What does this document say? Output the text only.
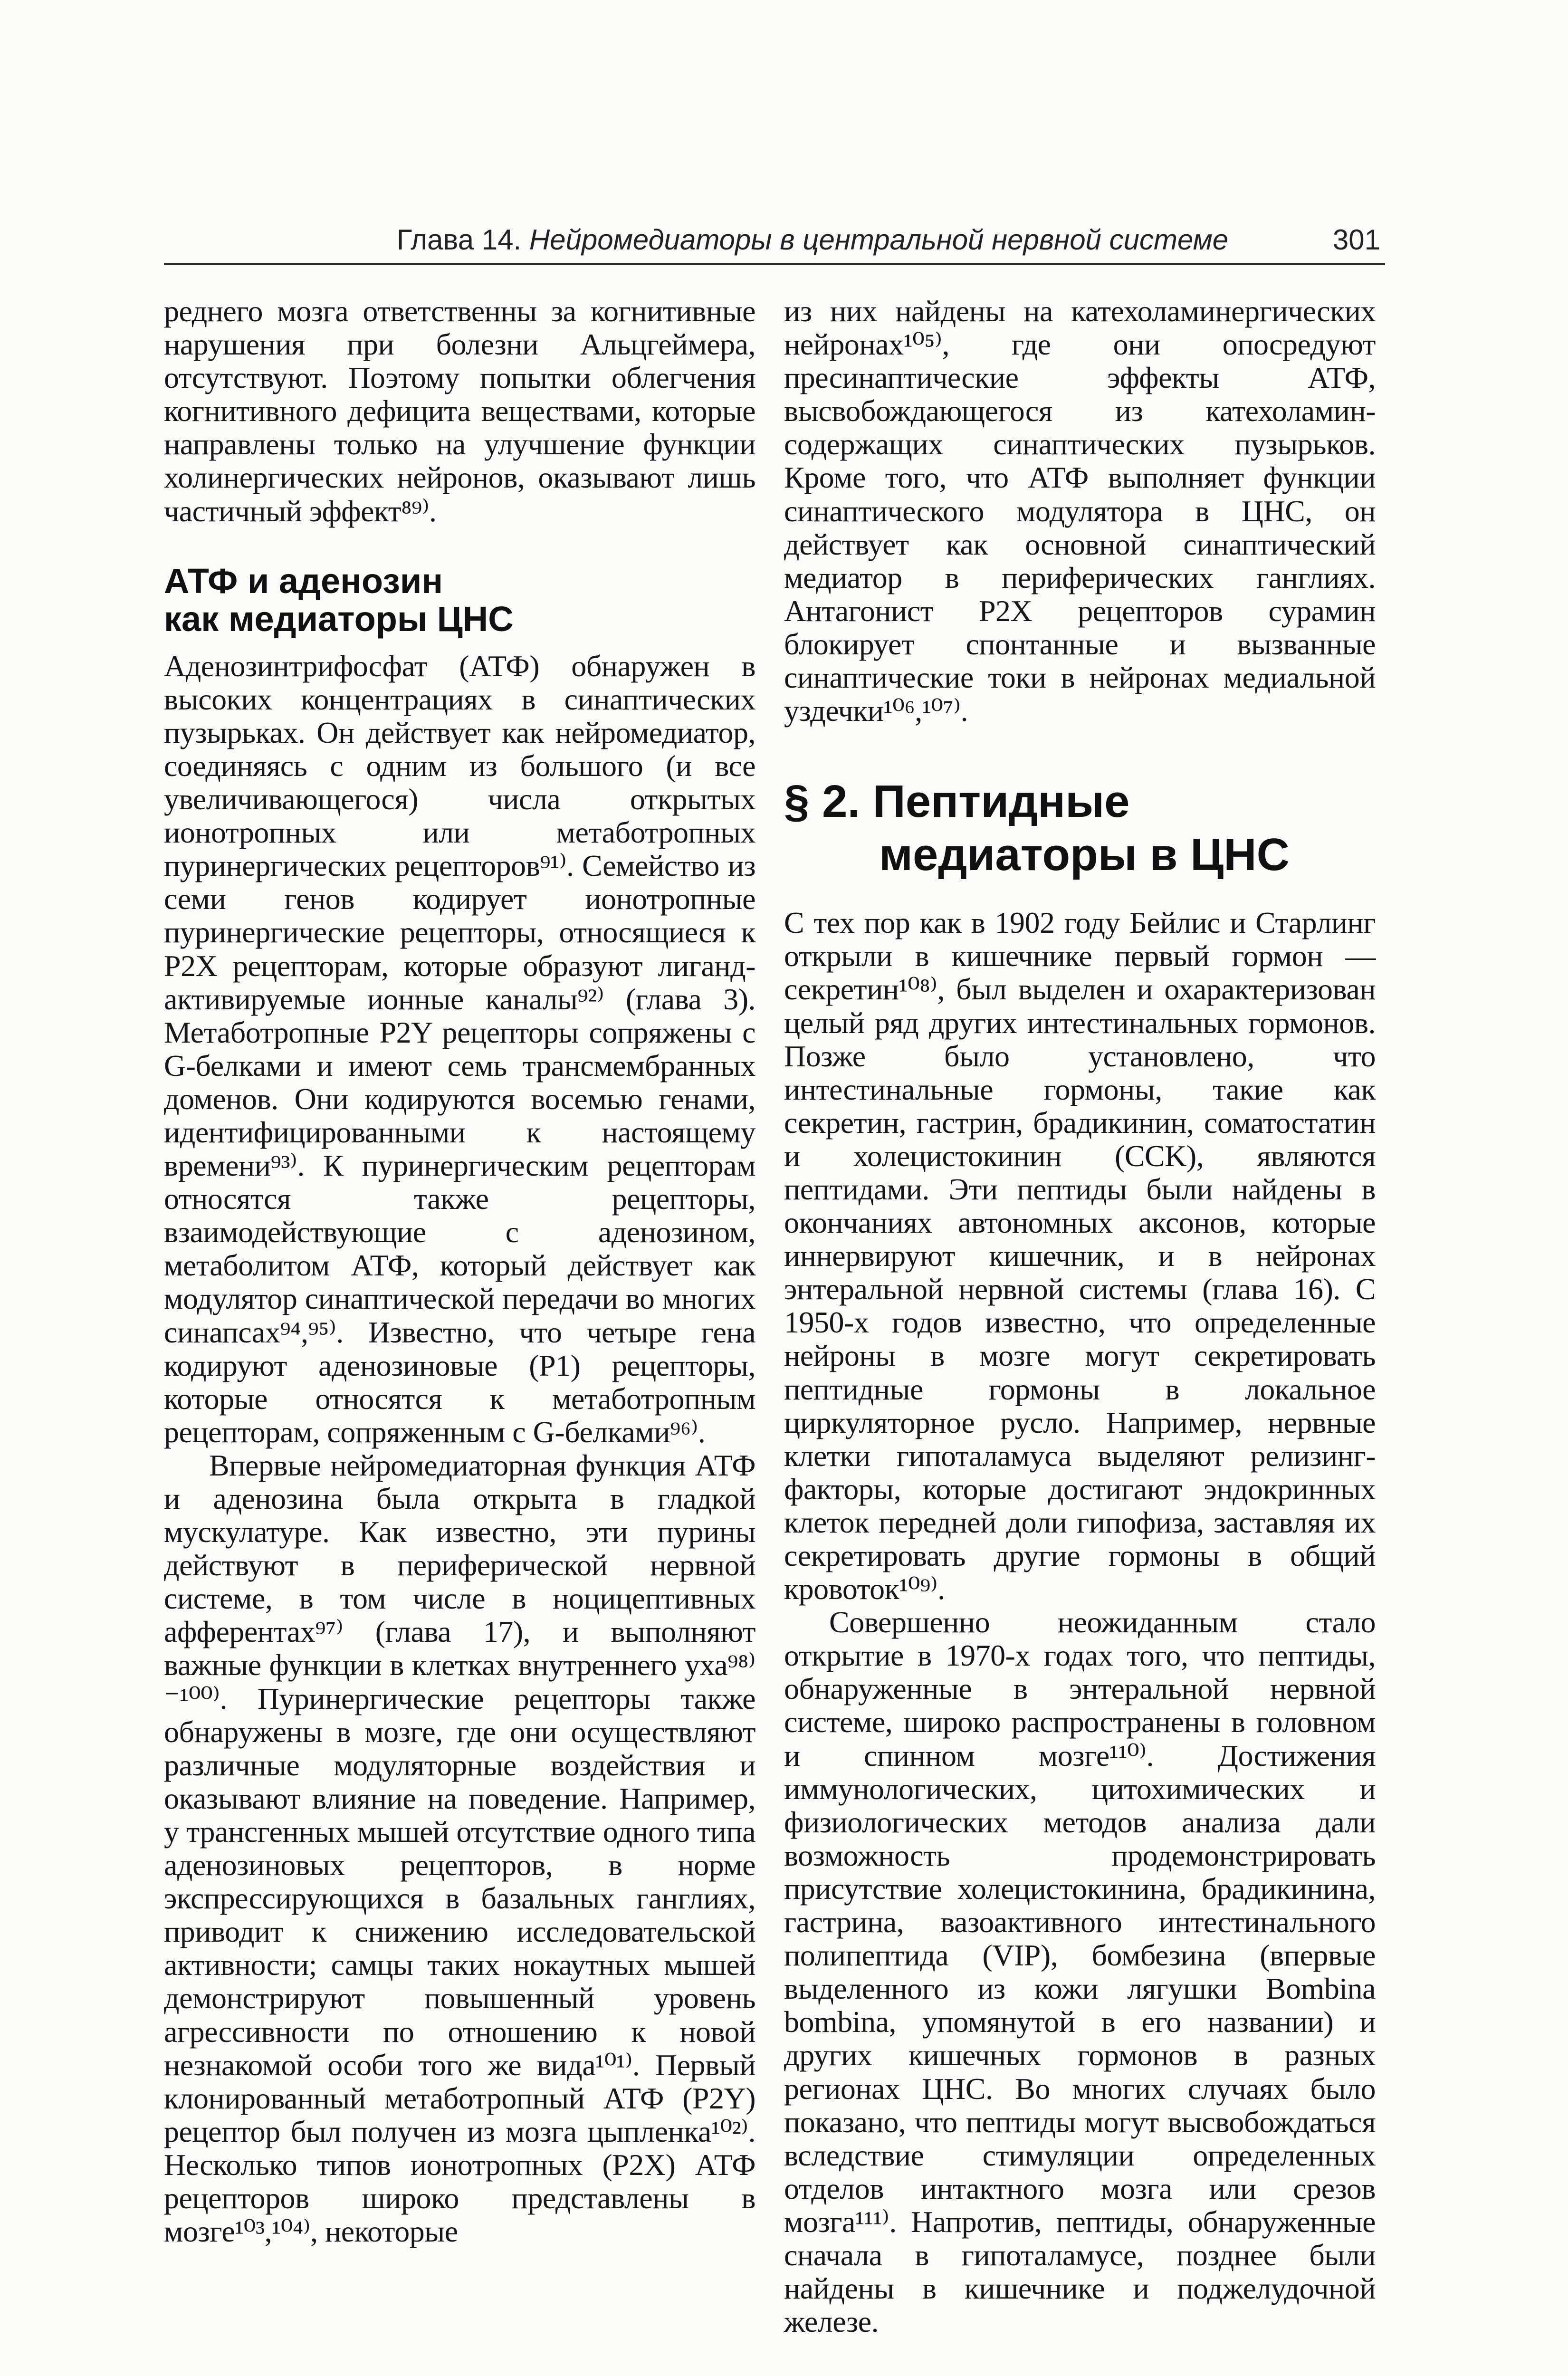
Глава 14. Нейромедиаторы в центральной нервной системе	301

реднего мозга ответственны за когнитивные нарушения при болезни Альцгеймера, отсутствуют. Поэтому попытки облегчения когнитивного дефицита веществами, которые направлены только на улучшение функции холинергических нейронов, оказывают лишь частичный эффект⁸⁹⁾.

АТФ и аденозин
как медиаторы ЦНС

Аденозинтрифосфат (АТФ) обнаружен в высоких концентрациях в синаптических пузырьках. Он действует как нейромедиатор, соединяясь с одним из большого (и все увеличивающегося) числа открытых ионотропных или метаботропных пуринергических рецепторов⁹¹⁾. Семейство из семи генов кодирует ионотропные пуринергические рецепторы, относящиеся к P2X рецепторам, которые образуют лиганд-активируемые ионные каналы⁹²⁾ (глава 3). Метаботропные P2Y рецепторы сопряжены с G-белками и имеют семь трансмембранных доменов. Они кодируются восемью генами, идентифицированными к настоящему времени⁹³⁾. К пуринергическим рецепторам относятся также рецепторы, взаимодействующие с аденозином, метаболитом АТФ, который действует как модулятор синаптической передачи во многих синапсах⁹⁴,⁹⁵⁾. Известно, что четыре гена кодируют аденозиновые (P1) рецепторы, которые относятся к метаботропным рецепторам, сопряженным с G-белками⁹⁶⁾.

Впервые нейромедиаторная функция АТФ и аденозина была открыта в гладкой мускулатуре. Как известно, эти пурины действуют в периферической нервной системе, в том числе в ноцицептивных афферентах⁹⁷⁾ (глава 17), и выполняют важные функции в клетках внутреннего уха⁹⁸⁾⁻¹⁰⁰⁾. Пуринергические рецепторы также обнаружены в мозге, где они осуществляют различные модуляторные воздействия и оказывают влияние на поведение. Например, у трансгенных мышей отсутствие одного типа аденозиновых рецепторов, в норме экспрессирующихся в базальных ганглиях, приводит к снижению исследовательской активности; самцы таких нокаутных мышей демонстрируют повышенный уровень агрессивности по отношению к новой незнакомой особи того же вида¹⁰¹⁾. Первый клонированный метаботропный АТФ (P2Y) рецептор был получен из мозга цыпленка¹⁰²⁾. Несколько типов ионотропных (P2X) АТФ рецепторов широко представлены в мозге¹⁰³,¹⁰⁴⁾, некоторые

из них найдены на катехоламинергических нейронах¹⁰⁵⁾, где они опосредуют пресинаптические эффекты АТФ, высвобождающегося из катехоламин-содержащих синаптических пузырьков. Кроме того, что АТФ выполняет функции синаптического модулятора в ЦНС, он действует как основной синаптический медиатор в периферических ганглиях. Антагонист P2X рецепторов сурамин блокирует спонтанные и вызванные синаптические токи в нейронах медиальной уздечки¹⁰⁶,¹⁰⁷⁾.

§ 2. Пептидные
медиаторы в ЦНС

С тех пор как в 1902 году Бейлис и Старлинг открыли в кишечнике первый гормон — секретин¹⁰⁸⁾, был выделен и охарактеризован целый ряд других интестинальных гормонов. Позже было установлено, что интестинальные гормоны, такие как секретин, гастрин, брадикинин, соматостатин и холецистокинин (CCK), являются пептидами. Эти пептиды были найдены в окончаниях автономных аксонов, которые иннервируют кишечник, и в нейронах энтеральной нервной системы (глава 16). С 1950-х годов известно, что определенные нейроны в мозге могут секретировать пептидные гормоны в локальное циркуляторное русло. Например, нервные клетки гипоталамуса выделяют релизинг-факторы, которые достигают эндокринных клеток передней доли гипофиза, заставляя их секретировать другие гормоны в общий кровоток¹⁰⁹⁾.

Совершенно неожиданным стало открытие в 1970-х годах того, что пептиды, обнаруженные в энтеральной нервной системе, широко распространены в головном и спинном мозге¹¹⁰⁾. Достижения иммунологических, цитохимических и физиологических методов анализа дали возможность продемонстрировать присутствие холецистокинина, брадикинина, гастрина, вазоактивного интестинального полипептида (VIP), бомбезина (впервые выделенного из кожи лягушки Bombina bombina, упомянутой в его названии) и других кишечных гормонов в разных регионах ЦНС. Во многих случаях было показано, что пептиды могут высвобождаться вследствие стимуляции определенных отделов интактного мозга или срезов мозга¹¹¹⁾. Напротив, пептиды, обнаруженные сначала в гипоталамусе, позднее были найдены в кишечнике и поджелудочной железе.
